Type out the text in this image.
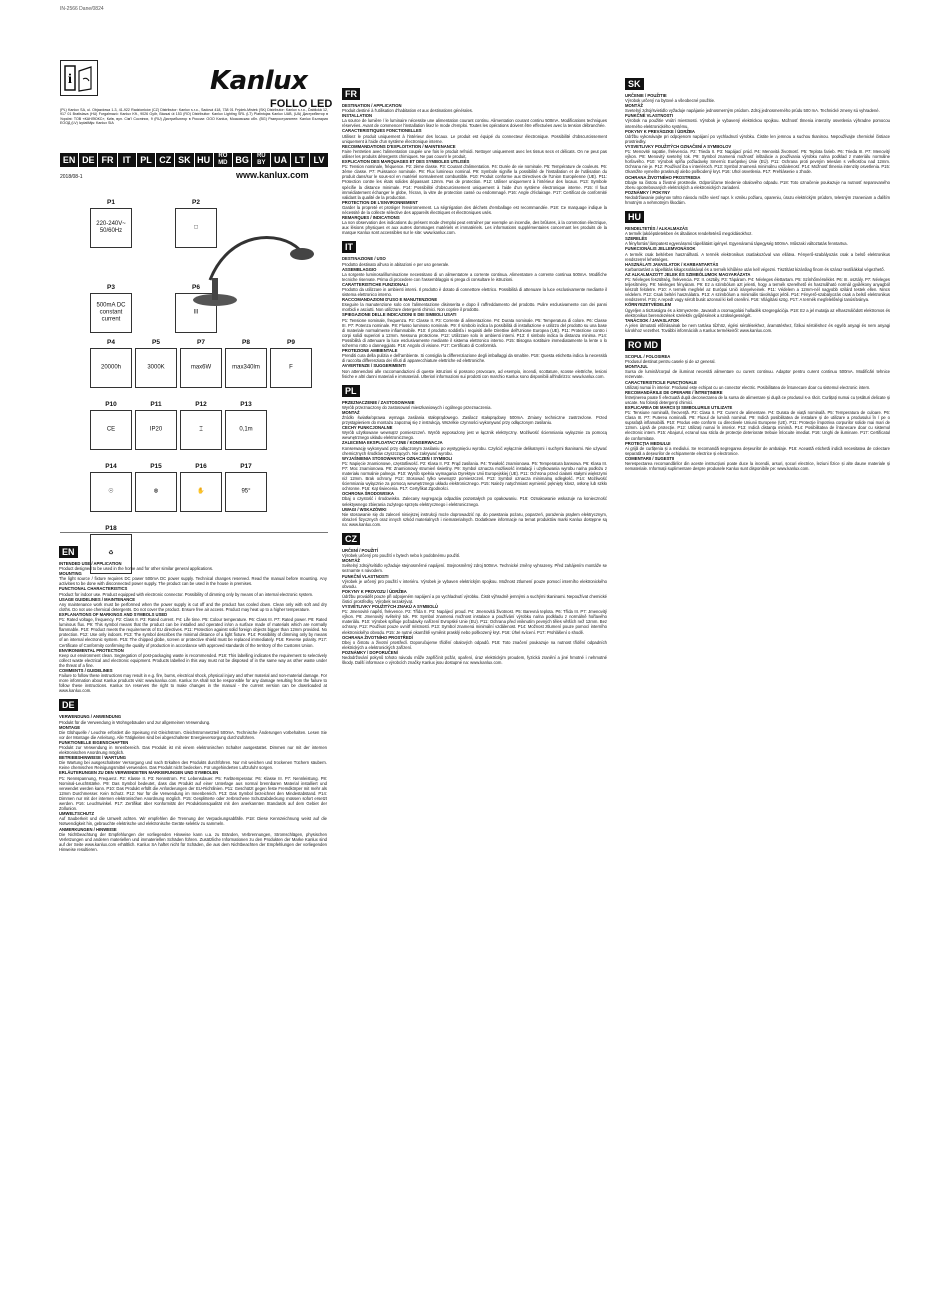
IN-2566 Dane/0824
i	Kanlux
FOLLO LED
(PL) Kanlux SA, ul. Objazdowa 1-3, 41-922 Radzionków (CZ) Distributor: Kanlux s.r.o., Sadová 418, 738 01 Frýdek-Místek (SK) Distributor: Kanlux s.r.o., Ďablická 12, 917 01 Bratislava (HU) Forgalmazó: Kanlux Kft., 9026 Győr, Bácsai út 153 (RO) Distribuitor: Kanlux Lighting SRL (LT) Platintojas Kanlux UAB, (UA) Дистрибютор в Україні: ТОВ «КАНЛЮКС», Київ, вул. Сім'ї Сосніних, 9 (RU) Дистрибьютор в России: ООО Kanlux, Московская обл. (BG) Разпространител: Kanlux България ЕООД (LV) Izplatītājs: Kanlux SIA
EN DE FR	IT	PL CZ SK HU	RO MD BG	RU BY UA LT LV
2018/08-1	www.kanlux.com
P1
220-240V~ 50/60Hz
P2
□
P3
500mA DC constant current
P6
III
P4
20000h
P5
3000K
P7
max6W
P8
max340lm
P9
F
P10
CE
P11
IP20
P12
⌶
P13
0,1m
P14
☉
P15
⊗
P16
✋
P17
95°
P18
♻
EN
INTENDED USE / APPLICATION

Product designed to be used in the home and for other similar general applications.

MOUNTING

The light source / fixture requires DC power 500mA DC power supply. Technical changes reserved. Read the manual before mounting. Any activities to be done with disconnected power supply. The product can be used in the house in premises.

FUNCTIONAL CHARACTERISTICS

Product for indoor use. Product equipped with electronic connector. Possibility of dimming only by means of an internal electronic system.

USAGE GUIDELINES / MAINTENANCE

Any maintenance work must be performed when the power supply is cut off and the product has cooled down. Clean only with soft and dry cloths. Do not use chemical detergents. Do not cover the product. Ensure free air access. Product may heat up to a higher temperature.

EXPLANATIONS OF MARKINGS AND SYMBOLS USED

P1: Rated voltage, frequency. P2: Class II. P3: Rated current. P4: Life time. P5: Colour temperature. P6: Class III. P7: Rated power. P8: Rated luminous flux. P9: This symbol means that the product can be installed and operated in/on a surface made of materials which are normally flammable. P10: Product meets the requirements of EU directives. P11: Protection against solid foreign objects bigger than 12mm provided. No protection. P12: Use only indoors. P13: The symbol describes the minimal distance of a light fixture. P14: Possibility of dimming only by means of an internal electronic system. P15: The chipped globe, screen or protective shield must be replaced immediately. P16: Reverse polarity. P17: Certificate of Conformity confirming the quality of production in accordance with approved standards of the territory of the Customs Union.

ENVIRONMENTAL PROTECTION

Keep our environment clean. Segregation of post-packaging waste is recommended. P18: This labelling indicates the requirement to selectively collect waste electrical and electronic equipment. Products labelled in this way must not be disposed of in the same way as other waste under the threat of a fine.

COMMENTS / GUIDELINES

Failure to follow these instructions may result in e.g. fire, burns, electrical shock, physical injury and other material and non-material damage. For more information about Kanlux products visit: www.kanlux.com. Kanlux SA shall not be responsible for any damage resulting from the failure to follow these instructions. Kanlux SA reserves the right to make changes in the manual - the current version can be downloaded at www.kanlux.com.

DE
VERWENDUNG / ANWENDUNG

Produkt für die Verwendung in Wohngebäuden und zur allgemeinen Verwendung.

MONTAGE

Die Glühquelle / Leuchte erfordert die Speisung mit Gleichstrom. Gleichstromnetzteil 500mA. Technische Änderungen vorbehalten. Lesen Sie vor der Montage die Anleitung. Alle Tätigkeiten sind bei abgeschalteter Energieversorgung durchzuführen.

FUNKTIONELLE EIGENSCHAFTEN

Produkt zur Verwendung in Innenbereich. Das Produkt ist mit einem elektronischen Schalter ausgestattet. Dimmen nur mit der internen elektronischen Anordnung möglich.

BETRIEBSHINWEISE / WARTUNG

Die Wartung bei ausgeschalteter Versorgung und nach Erkalten des Produkts durchführen. Nur mit weichen und trockenen Tüchern säubern. Keine chemischen Reinigungsmittel verwenden. Das Produkt nicht bedecken. Für ungehinderten Luftzufuhr sorgen.

ERLÄUTERUNGEN ZU DEN VERWENDETEN MARKIERUNGEN UND SYMBOLEN

P1: Nennspannung, Frequenz. P2: Klasse II. P3: Nennstrom. P4: Lebensdauer. P5: Farbtemperatur. P6: Klasse III. P7: Nennleistung. P8: Nominal-Leuchtstärke. P9: Das Symbol bedeutet, dass das Produkt auf einer Unterlage aus normal brennbaren Material installiert und verwendet werden kann. P10: Das Produkt erfüllt die Anforderungen der EU-Richtlinien. P11: Geschützt gegen feste Fremdkörper mit mehr als 12mm Durchmesser. Kein Schutz. P12: Nur für die Verwendung im Innenbereich. P13: Das Symbol bezeichnet den Mindestabstand. P14: Dimmen nur mit der internen elektronischen Anordnung möglich. P15: Gesplitterte oder zerbrochene Schutzabdeckung müssen sofort ersetzt werden. P16: Leuchtwinkel. P17: Zertifikat über Konformität der Produktionsqualität mit den anerkannten Standards auf dem Gebiet der Zollunion.

UMWELTSCHUTZ

Auf Sauberkeit und die Umwelt achten. Wir empfehlen die Trennung der Verpackungsabfälle. P18: Diese Kennzeichnung weist auf die Notwendigkeit hin, gebrauchte elektrische und elektronische Geräte selektiv zu sammeln.

ANMERKUNGEN / HINWEISE

Die Nichtbeachtung der Empfehlungen der vorliegenden Hinweise kann u.a. zu Bränden, Verbrennungen, Stromschlägen, physischen Verletzungen und anderen materiellen und immateriellen Schäden führen. Zusätzliche Informationen zu den Produkten der Marke Kanlux sind auf der Seite www.kanlux.com erhältlich. Kanlux SA haftet nicht für Schäden, die aus dem Nichtbeachten der Empfehlungen der vorliegenden Hinweise resultieren.

FR
DESTINATION / APPLICATION

Produit destiné à l'utilisation d'habitation et aux destinations générales.

INSTALLATION

La source de lumière / le luminaire nécessite une alimentation courant continu. Alimentation courant continu 500mA. Modifications techniques réservées. Avant de commencer l'installation lisez le mode d'emploi. Toutes les opérations doivent être effectuées avec la tension débranchée.

CARACTERISTIQUES FONCTIONELLES

Utilisez le produit uniquement à l'intérieur des locaux. Le produit est équipé du connecteur électronique. Possibilité d'obscurcissement uniquement à l'aide d'un système électronique interne.

RECOMMANDATIONS D'EXPLOITATION / MAINTENANCE

Faire l'entretien avec l'alimentation coupée une fois le produit refroidi. Nettoyer uniquement avec les tissus secs et délicats. On ne peut pas utiliser les produits détergents chimiques. Ne pas couvrir le produit.

EXPLICATION DES MARQUAGES ET DES SYMBOLES UTILISÉS

P1: Tension nominale, fréquence. P2: 2ème classe. P3: Courant d'alimentation. P4: Durée de vie nominale. P5: Température de couleurs. P6: 3ème classe. P7: Puissance nominale. P8: Flux lumineux nominal. P9: Symbole signifie la possibilité de l'installation et de l'utilisation du produit dans/sur le sous-sol en matériel normalement combustible. P10: Produit conforme aux Directives de l'Union Européenne (UE). P11: Protection contre les états solides dépassant 12mm. Pas de protection. P12: Utiliser uniquement à l'intérieur des locaux. P13: Symbole spécifie la distance minimale. P14: Possibilité d'obscurcissement uniquement à l'aide d'un système électronique interne. P15: Il faut immédiatement échanger le globe, l'écran, la vitre de protection cassé ou endommagé. P16: Angle d'éclairage. P17: Certificat de conformité validant la qualité de la production.

PROTECTION DE L'ENVIRONNEMENT

Garder la propreté et protéger l'environnement. La ségrégation des déchets d'emballage est recommandée. P18: Ce marquage indique la nécessité de la collecte sélective des appareils électriques et électroniques usés.

REMARQUES / INDICATIONS

La non observation des indications du présent mode d'emploi peut entraîner par exemple un incendie, des brûlures, à la commotion électrique, aux lésions physiques et aux autres dommages matériels et immatériels. Les informations supplémentaires concernant les produits de la marque Kanlux sont accessibles sur le site: www.kanlux.com.

IT
DESTINAZIONE / USO

Prodotto destinato all'uso in abitazioni e per uso generale.

ASSEMBLAGGIO

La sorgente luminosa/illuminazione necessitano di un alimentatore a corrente continua. Alimentatore a corrente continua 500mA. Modifiche tecniche riservate. Prima di procedere con l'assemblaggio si prega di consultare le istruzioni.

CARATTERISTICHE FUNZIONALI

Prodotto da utilizzare in ambienti interni. Il prodotto è dotato di connettore elettrico. Possibilità di attenuare la luce esclusivamente mediante il sistema elettronico interno.

RACCOMANDAZIONI D'USO E MANUTENZIONE

Eseguire la manutenzione solo con l'alimentazione disinserita e dopo il raffreddamento del prodotto. Pulire esclusivamente con dei panni morbidi e asciutti. Non utilizzare detergenti chimici. Non coprire il prodotto.

SPIEGAZIONE DELLE INDICAZIONI E DEI SIMBOLI USATI

P1: Tensione nominale, frequenza. P2: Classe II. P3: Corrente di alimentazione. P4: Durata nominale. P5: Temperatura di colore. P6: Classe III. P7: Potenza nominale. P8: Flusso luminoso nominale. P9: Il simbolo indica la possibilità di installazione e utilizzo del prodotto su una base di materiale normalmente infiammabile. P10: Il prodotto soddisfa i requisiti delle Direttive dell'Unione Europea (UE). P11: Protezione contro i corpi solidi superiori a 12mm. Nessuna protezione. P12: Utilizzare solo in ambienti interni. P13: Il simbolo indica la distanza minima. P14: Possibilità di attenuare la luce esclusivamente mediante il sistema elettronico interno. P15: Bisogna sostituire immediatamente la lente o lo schermo rotto o danneggiato. P16: Angolo di visione. P17: Certificato di Conformità.

PROTEZIONE AMBIENTALE

Prenditi cura della pulizia e dell'ambiente. Si consiglia la differenziazione degli imballaggi da smaltire. P18: Questa etichetta indica la necessità di raccolta differenziata dei rifiuti di apparecchiature elettriche ed elettroniche.

AVVERTENZE / SUGGERIMENTI

Non attenendosi alle raccomandazioni di queste istruzioni si possono provocare, ad esempio, incendi, scottature, scosse elettriche, lesioni fisiche e altri danni materiali e immateriali. Ulteriori informazioni sui prodotti con marchio Kanlux sono disponibili all'indirizzo: www.kanlux.com.

PL
PRZEZNACZENIE / ZASTOSOWANIE

Wyrób przeznaczony do zastosowań mieszkaniowych i ogólnego przeznaczenia.

MONTAŻ

Źródło światła/oprawa wymaga zasilania stałoprądowego. Zasilacz stałoprądowy 500mA. Zmiany techniczne zastrzeżone. Przed przystąpieniem do montażu zapoznaj się z instrukcją. Wszelkie czynności wykonywać przy odłączonym zasilaniu.

CECHY FUNKCJONALNE

Wyrób użytkowane wewnątrz pomieszczeń. Wyrób wyposażony jest w łącznik elektryczny. Możliwość ściemniania wyłącznie za pomocą wewnętrznego układu elektronicznego.

ZALECENIA EKSPLOATACYJNE / KONSERWACJA

Konserwację wykonywać przy odłączonym zasilaniu po wystygnięciu wyrobu. Czyścić wyłącznie delikatnymi i suchymi tkaninami. Nie używać chemicznych środków czyszczących. Nie zakrywać wyrobu.

WYJAŚNIENIA STOSOWANYCH OZNACZEŃ I SYMBOLI

P1: Napięcie znamionowe, częstotliwość. P2: Klasa II. P3: Prąd zasilania. P4: Trwałość znamionowa. P5: Temperatura barwowa. P6: Klasa III. P7: Moc znamionowa. P8: Znamionowy strumień świetlny. P9: Symbol oznacza możliwość instalacji i użytkowania wyrobu na/na podłożu z materiału normalnie palnego. P10: Wyrób spełnia wymagania Dyrektyw Unii Europejskiej (UE). P11: Ochrona przed ciałami stałymi większymi niż 12mm. Brak ochrony. P12: Stosować tylko wewnątrz pomieszczeń. P13: Symbol oznacza minimalną odległość. P14: Możliwość ściemniania wyłącznie za pomocą wewnętrznego układu elektronicznego. P15: Należy natychmiast wymienić pęknięty klosz, osłonę lub szkło ochronne. P16: Kąt świecenia. P17: Certyfikat Zgodności.

OCHRONA ŚRODOWISKA

Dbaj o czystość i środowisko. Zalecany segregacja odpadów pozostałych po opakowaniu. P18: Oznakowanie wskazuje na konieczność selektywnego zbierania zużytego sprzętu elektrycznego i elektronicznego.

UWAGI / WSKAZÓWKI

Nie stosowanie się do zaleceń niniejszej instrukcji może doprowadzić np. do powstania pożaru, poparzeń, porażenia prądem elektrycznym, obrażeń fizycznych oraz innych szkód materialnych i niematerialnych. Dodatkowe informacje na temat produktów marki Kanlux dostępne są na: www.kanlux.com.

CZ
URČENÍ / POUŽITÍ

Výrobek určený pro použití v bytech nebo k podobnému použití.

MONTÁŽ

Světelný zdroj/svítidlo vyžaduje stejnosměrné napájení. Stejnosměrný zdroj 500mA. Technické změny vyhrazeny. Před zahájením montáže se seznamte s návodem.

FUNKČNÍ VLASTNOSTI

Výrobek je určený pro použití v interiéru. Výrobek je vybaven elektrickým spojkou. Možnost ztlumení pouze pomocí interního elektronického obvodu.

POKYNY K PROVOZU / ÚDRŽBA

Údržbu provádět pouze při odpojeném napájení a po vychladnutí výrobku. Čistit výhradně jemnými a suchými tkaninami. Nepoužívat chemické čisticí prostředky. Výrobek nezakrývat.

VYSVĚTLIVKY POUŽITÝCH ZNAKŮ A SYMBOLŮ

P1: Jmenovité napětí, frekvence. P2: Třída II. P3: Napájecí proud. P4: Jmenovitá životnost. P5: Barevná teplota. P6: Třída III. P7: Jmenovitý výkon. P8: Jmenovitý světelný tok. P9: Symbol znamená možnost instalace a používání výrobku na/na podkladu z normálně hořlavého materiálu. P10: Výrobek splňuje požadavky nařízení Evropské Unie (EU). P11: Ochrana před vniknutím pevných těles větších než 12mm. Bez ochrany. P12: Používat pouze uvnitř místností. P13: Symbol znamená minimální vzdálenost. P14: Možnost ztlumení pouze pomocí interního elektronického obvodu. P15: Je nutné okamžitě vyměnit prasklý nebo poškozený kryt. P16: Úhel svícení. P17: Prohlášení o shodě.

OCHRANA ŽIVOTNÍHO PROSTŘEDÍ

Dbej o čistotu a životní prostředí. Doporučujeme třídění obalových odpadů. P18: Toto značení poukazuje na nutnost třídění odpadních elektrických a elektronických zařízení.

POZNÁMKY / DOPORUČENÍ

Nedodržování pokynů tohoto návodu může zapříčinit požár, opaření, úraz elektrickým proudem, fyzická zranění a jiné hmotné i nehmotné škody. Další informace o výrobcích značky Kanlux jsou dostupné na: www.kanlux.com.

SK
URČENIE / POUŽITIE

Výrobok určený na bytové a všeobecné použitie.

MONTÁŽ

Svetelný zdroj/svietidlo vyžaduje napájanie jednosmerným prúdom. Zdroj jednosmerného prúdu 500 mA. Technické zmeny sú vyhradené.

FUNKČNÉ VLASTNOSTI

Výrobok na použitie vnútri miestnosti. Výrobok je vybavený elektrickou spojkou. Možnosť tlmenia intenzity osvetlenia výhradne pomocou interného elektronického systému.

POKYNY K PREVÁDZKE / ÚDRŽBA

Údržbu vykonávajte pri odpojenom napájaní po vychladnutí výrobku. Čistite len jemnou a suchou tkaninou. Nepoužívajte chemické čistiace prostriedky.

VYSVETLIVKY POUŽITÝCH OZNAČENÍ A SYMBOLOV

P1: Menovité napätie, frekvencia. P2: Trieda II. P3: Napájací prúd. P4: Menovitá životnosť. P5: Teplota farieb. P6: Trieda III. P7: Menovitý výkon. P8: Menovitý svetelný tok. P9: Symbol znamená možnosť inštalácie a používania výrobku na/na podklad z materiálu normálne horľavého. P10: Výrobok spĺňa požiadavky Smerníc Európskej Únie (EÚ). P11: Ochrana proti pevným telesám s veľkosťou nad 12mm. Ochrana nie je. P12: Používať iba v interiéroch. P13: Symbol znamená minimálnu vzdialenosť. P14: Možnosť tlmenia intenzity osvetlenia. P15: Okamžite vymeňte prasknutý alebo poškodený kryt. P16: Uhol osvetlenia. P17: Prehlásenie o zhode.

OCHRANA ŽIVOTNÉHO PROSTREDIA

Dbajte na čistotu a životné prostredie. Odporúčame triedenie obalového odpadu. P18: Toto označenie poukazuje na nutnosť separovaného zberu opotrebovaných elektrických a elektronických zariadení.

POZNÁMKY / POKYNY

Nedodržiavanie pokynov tohto návodu môže viesť napr. k vzniku požiaru, opareniu, úrazu elektrickým prúdom, telesným zraneniam a ďalším hmotným a nehmotným škodám.

HU
RENDELTETÉS / ALKALMAZÁS

A termék lakóépületekben és általános rendeltetésű megoldásokhoz.

SZERELÉS

A fényforrás/ lámpatest egyenáramú tápellátást igényel. Egyenáramú tápegység 500mA. Műszaki változtatás fenntartva.

FUNKCIONÁLIS JELLEMVONÁSOK

A termék csak beltérben használható. A termék elektronikus csatlakozóval van ellátva. Fényerő-szabályozás csak a belső elektronikus rendszerrel lehetséges.

HASZNÁLATI JAVASLATOK / KARBANTARTÁS

Karbantartást a tápellátás kikapcsolásával és a termék kihűlése után kell végezni. Tisztítást kizárólag finom és száraz textíliákkal végezhető.

AZ ALKALMAZOTT JELEK ÉS SZIMBÓLUMOK MAGYARÁZATA

P1: Névleges feszültség, frekvencia. P2: II. osztály. P3: Tápáram. P4: Névleges élettartam. P5: Színhőmérséklet. P6: III. osztály. P7: Névleges teljesítmény. P8: Névleges fényáram. P9: Ez a szimbólum azt jelenti, hogy a termék szerelhető és használható normál gyúlékony anyagból készült felületre. P10: A termék megfelel az Európai Unió irányelveinek. P11: Védelem a 12mm-nél nagyobb szilárd testek ellen. Nincs védelem. P12: Csak beltéri használatra. P13: A szimbólum a minimális távolságot jelöli. P14: Fényerő-szabályozás csak a belső elektronikus rendszerrel. P15: A repedt vagy sérült burát azonnal ki kell cserélni. P16: Világítási szög. P17: A termék megfelelőségi tanúsítványa.

KÖRNYEZETVÉDELEM

Ügyeljen a tisztaságra és a környezetre. Javasolt a csomagolási hulladék szegregációja. P18: Ez a jel mutatja az elhasználódott elektromos és elektronikus berendezések szelektív gyűjtésének a szükségességét.

TANÁCSOK / JAVASLATOK

A jelen útmutató előírásainak be nem tartása tűzhöz, égési sérülésekhez, áramütéshez, fizikai sérüléshez és egyéb anyagi és nem anyagi károkhoz vezethet. További információk a Kanlux termékeiről: www.kanlux.com.

RO MD
SCOPUL / FOLOSIREA

Produsul destinat pentru casele și de uz general.

MONTAJUL

Sursa de lumină/corpul de iluminat necesită alimentare cu curent continuu. Adaptor pentru curent continuu 500mA. Modificări tehnice rezervate.

CARACTERISTICILE FUNCȚIONALE

Utilizați numai în interior. Produsul este echipat cu un conector electric. Posibilitatea de întunecare doar cu sistemul electronic intern.

RECOMANDĂRILE DE OPERARE / ÎNTREȚINERE

Întreținerea poate fi efectuată după deconectarea de la sursa de alimentare și după ce produsul s-a răcit. Curățați numai cu țesături delicate și uscate. Nu folosiți detergenți chimici.

EXPLICAREA DE MARCII ȘI SIMBOLURILE UTILIZATE

P1: Tensiune nominală, frecvență. P2: Clasa II. P3: Curent de alimentare. P4: Durata de viață nominală. P5: Temperatura de culoare. P6: Clasa III. P7: Puterea nominală. P8: Fluxul de lumină nominal. P9: Indică posibilitatea de instalare și de utilizare a produsului în / pe o suprafață inflamabilă. P10: Produs este conform cu directivele Uniunii Europene (UE). P11: Protecție împotriva corpurilor solide mai mari de 12mm. Lipsă de protecție. P12: Utilizați numai în interior. P13: Indică distanța minimă. P14: Posibilitatea de întunecare doar cu sistemul electronic intern. P15: Abajurul, ecranul sau sticla de protecție deteriorate trebuie înlocuite imediat. P16: Unghi de iluminare. P17: Certificatul de conformitate.

PROTECȚIA MEDIULUI

Ai grijă de curățenia și a mediului. Se recomandă segregarea deșeurilor de ambalaje. P18: Această etichetă indică necesitatea de colectare separată a deșeurilor de echipamente electrice și electronice.

COMENTARII / SUGESTII

Nerespectarea recomandărilor din aceste instrucțiuni poate duce la incendii, arsuri, șocuri electrice, leziuni fizice și alte daune materiale și nemateriale. Informații suplimentare despre produsele Kanlux sunt disponibile pe: www.kanlux.com.
